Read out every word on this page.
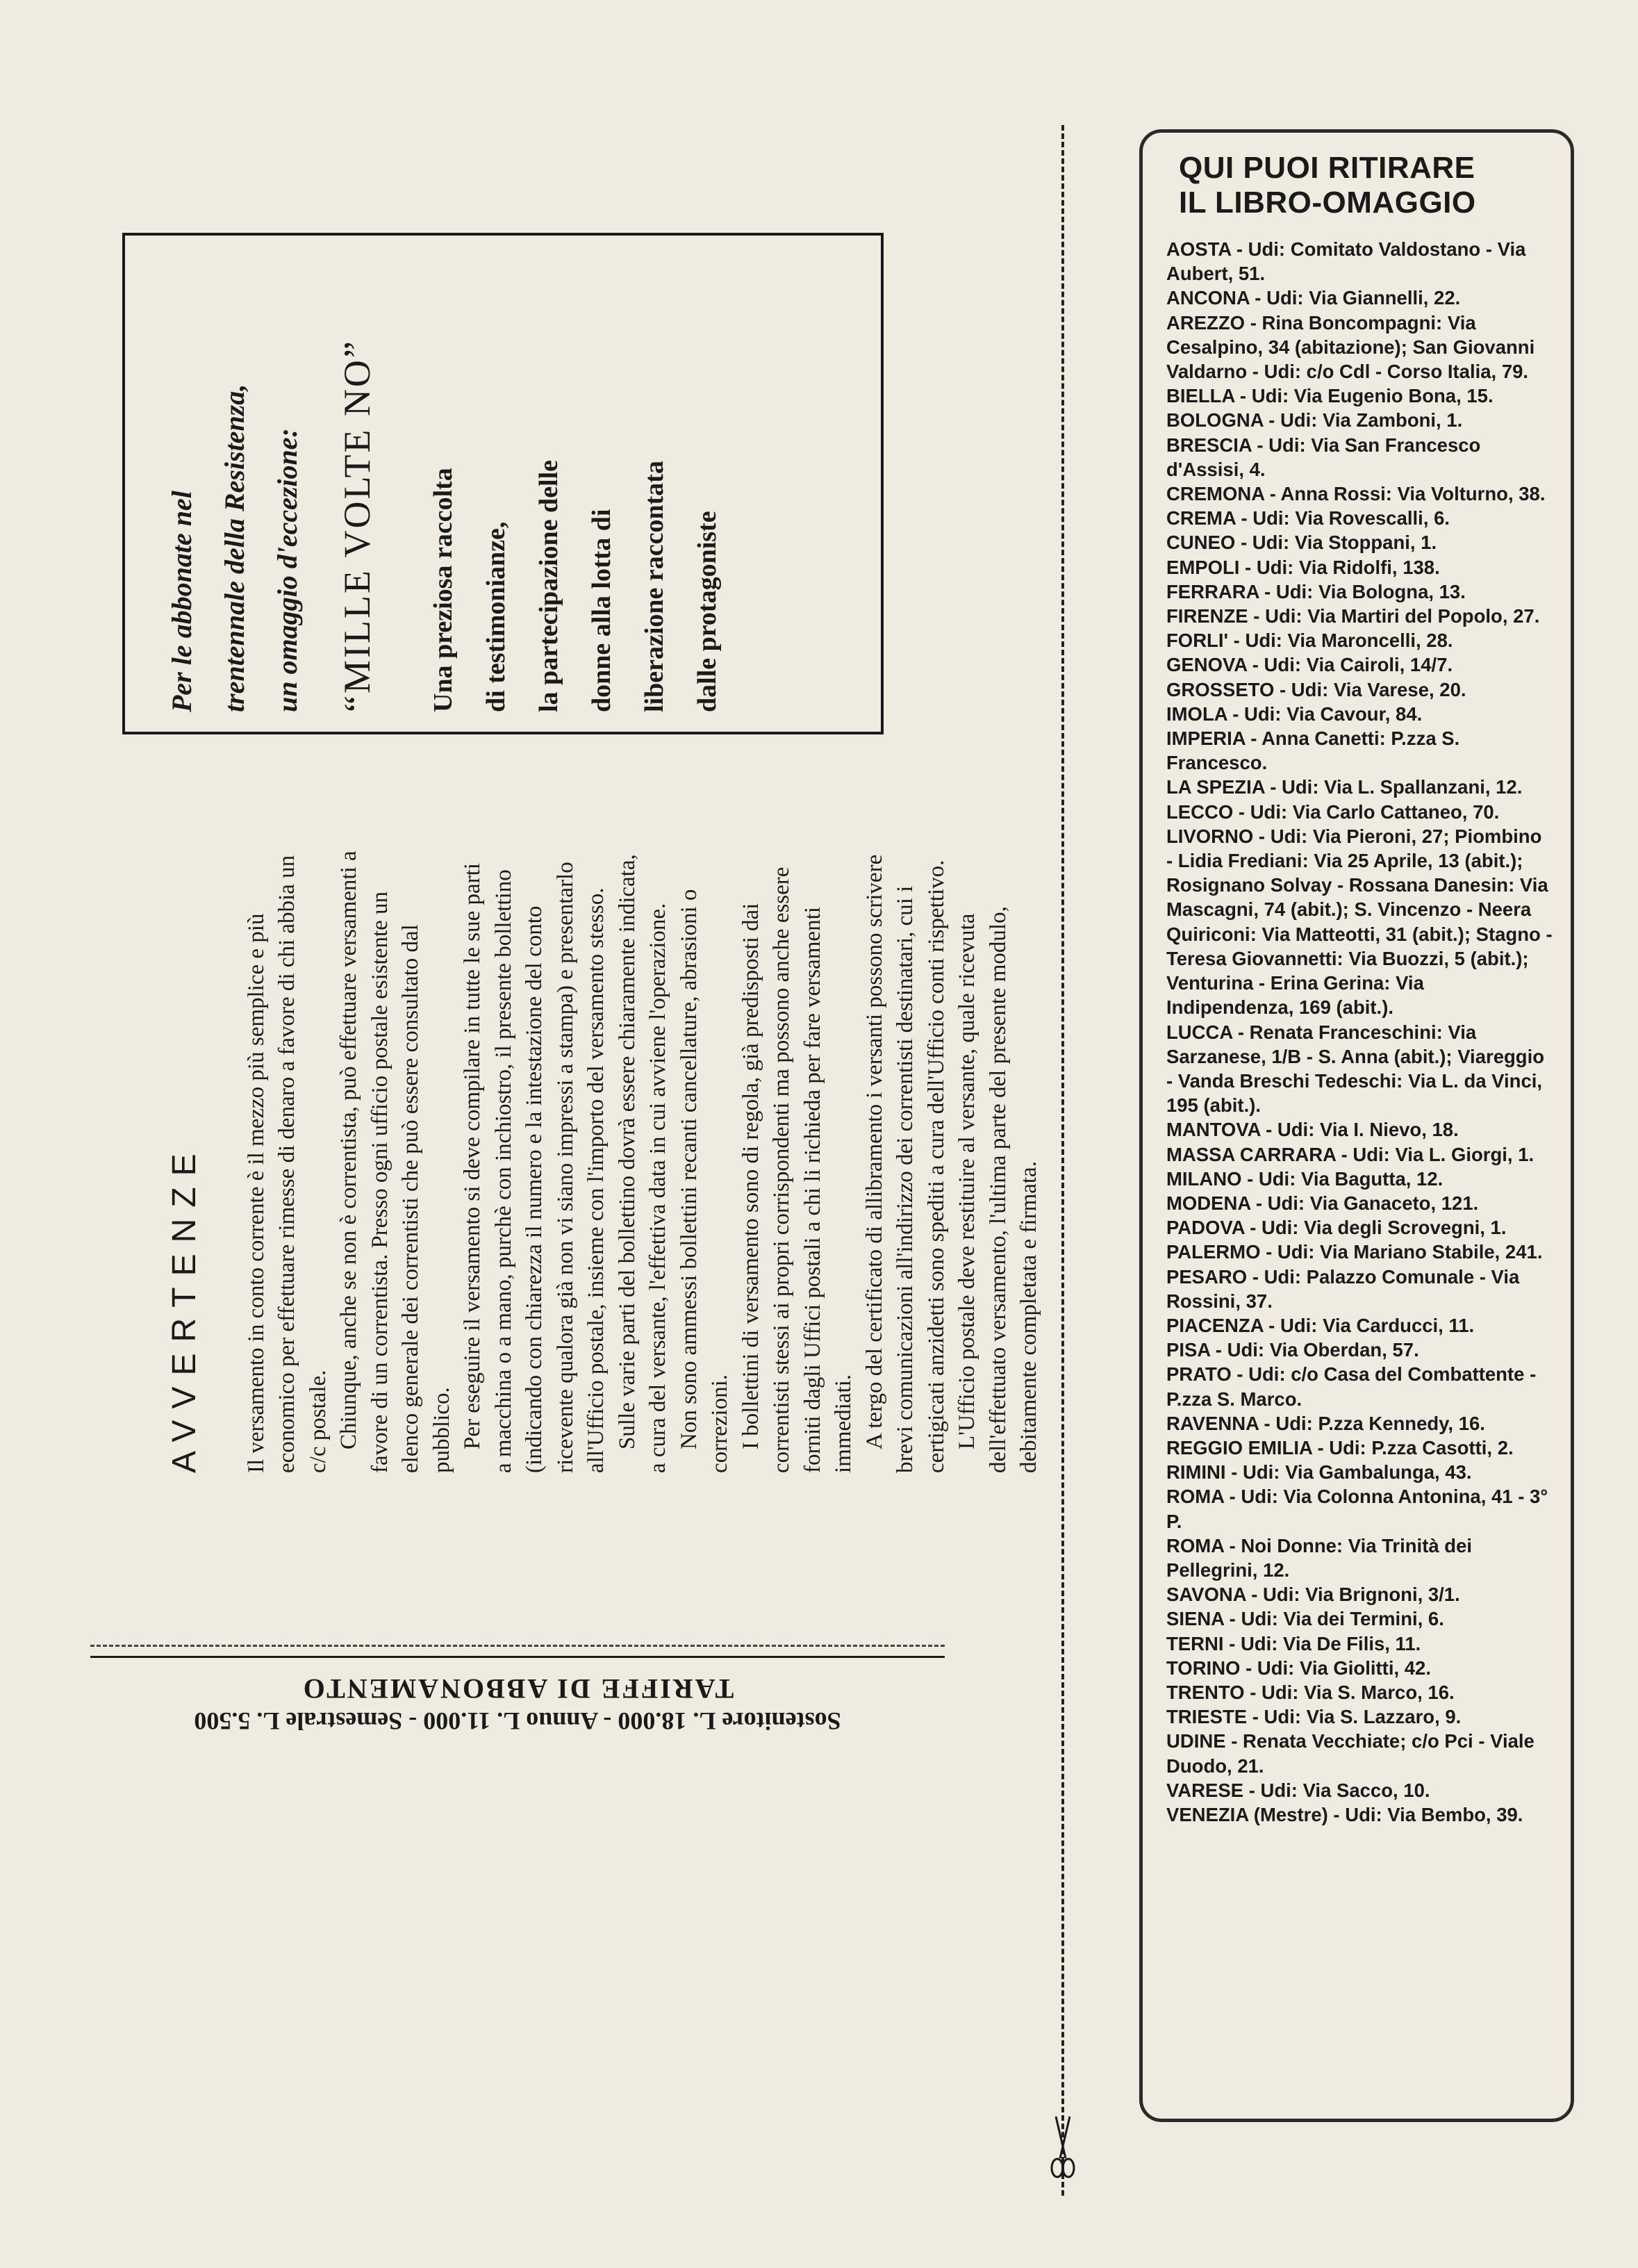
Per le abbonate nel trentennale della Resistenza, un omaggio d'eccezione: “MILLE VOLTE NO”	Una preziosa raccolta di testimonianze, la partecipazione delle donne alla lotta di liberazione raccontata dalle protagoniste

AVVERTENZE Il versamento in conto corrente è il mezzo più semplice e più economico per effettuare rimesse di denaro a favore di chi abbia un c/c postale. Chiunque, anche se non è correntista, può effettuare versamenti a favore di un correntista. Presso ogni ufficio postale esistente un elenco generale dei correntisti che può essere consultato dal pubblico. Per eseguire il versamento si deve compilare in tutte le sue parti a macchina o a mano, purchè con inchiostro, il presente bollettino (indicando con chiarezza il numero e la intestazione del conto ricevente qualora già non vi siano impressi a stampa) e presentarlo all'Ufficio postale, insieme con l'importo del versamento stesso. Sulle varie parti del bollettino dovrà essere chiaramente indicata, a cura del versante, l'effettiva data in cui avviene l'operazione. Non sono ammessi bollettini recanti cancellature, abrasioni o correzioni. I bollettini di versamento sono di regola, già predisposti dai correntisti stessi ai propri corrispondenti ma possono anche essere forniti dagli Uffici postali a chi li richieda per fare versamenti immediati. A tergo del certificato di allibramento i versanti possono scrivere brevi comunicazioni all'indirizzo dei correntisti destinatari, cui i certigicati anzidetti sono spediti a cura dell'Ufficio conti rispettivo. L'Ufficio postale deve restituire al versante, quale ricevuta dell'effettuato versamento, l'ultima parte del presente modulo, debitamente completata e firmata.

TARIFFE DI ABBONAMENTO
Sostenitore L. 18.000 - Annuo L. 11.000 - Semestrale L. 5.500
QUI PUOI RITIRARE
IL LIBRO-OMAGGIO
AOSTA - Udi: Comitato Valdostano - Via Aubert, 51.
ANCONA - Udi: Via Giannelli, 22.
AREZZO - Rina Boncompagni: Via Cesalpino, 34 (abitazione); San Giovanni Valdarno - Udi: c/o Cdl - Corso Italia, 79.
BIELLA - Udi: Via Eugenio Bona, 15.
BOLOGNA - Udi: Via Zamboni, 1.
BRESCIA - Udi: Via San Francesco d'Assisi, 4.
CREMONA - Anna Rossi: Via Volturno, 38.
CREMA - Udi: Via Rovescalli, 6.
CUNEO - Udi: Via Stoppani, 1.
EMPOLI - Udi: Via Ridolfi, 138.
FERRARA - Udi: Via Bologna, 13.
FIRENZE - Udi: Via Martiri del Popolo, 27.
FORLI' - Udi: Via Maroncelli, 28.
GENOVA - Udi: Via Cairoli, 14/7.
GROSSETO - Udi: Via Varese, 20.
IMOLA - Udi: Via Cavour, 84.
IMPERIA - Anna Canetti: P.zza S. Francesco.
LA SPEZIA - Udi: Via L. Spallanzani, 12.
LECCO - Udi: Via Carlo Cattaneo, 70.
LIVORNO - Udi: Via Pieroni, 27; Piombino - Lidia Frediani: Via 25 Aprile, 13 (abit.); Rosignano Solvay - Rossana Danesin: Via Mascagni, 74 (abit.); S. Vincenzo - Neera Quiriconi: Via Matteotti, 31 (abit.); Stagno - Teresa Giovannetti: Via Buozzi, 5 (abit.); Venturina - Erina Gerina: Via Indipendenza, 169 (abit.).
LUCCA - Renata Franceschini: Via Sarzanese, 1/B - S. Anna (abit.); Viareggio - Vanda Breschi Tedeschi: Via L. da Vinci, 195 (abit.).
MANTOVA - Udi: Via I. Nievo, 18.
MASSA CARRARA - Udi: Via L. Giorgi, 1.
MILANO - Udi: Via Bagutta, 12.
MODENA - Udi: Via Ganaceto, 121.
PADOVA - Udi: Via degli Scrovegni, 1.
PALERMO - Udi: Via Mariano Stabile, 241.
PESARO - Udi: Palazzo Comunale - Via Rossini, 37.
PIACENZA - Udi: Via Carducci, 11.
PISA - Udi: Via Oberdan, 57.
PRATO - Udi: c/o Casa del Combattente - P.zza S. Marco.
RAVENNA - Udi: P.zza Kennedy, 16.
REGGIO EMILIA - Udi: P.zza Casotti, 2.
RIMINI - Udi: Via Gambalunga, 43.
ROMA - Udi: Via Colonna Antonina, 41 - 3° P.
ROMA - Noi Donne: Via Trinità dei Pellegrini, 12.
SAVONA - Udi: Via Brignoni, 3/1.
SIENA - Udi: Via dei Termini, 6.
TERNI - Udi: Via De Filis, 11.
TORINO - Udi: Via Giolitti, 42.
TRENTO - Udi: Via S. Marco, 16.
TRIESTE - Udi: Via S. Lazzaro, 9.
UDINE - Renata Vecchiate; c/o Pci - Viale Duodo, 21.
VARESE - Udi: Via Sacco, 10.
VENEZIA (Mestre) - Udi: Via Bembo, 39.
